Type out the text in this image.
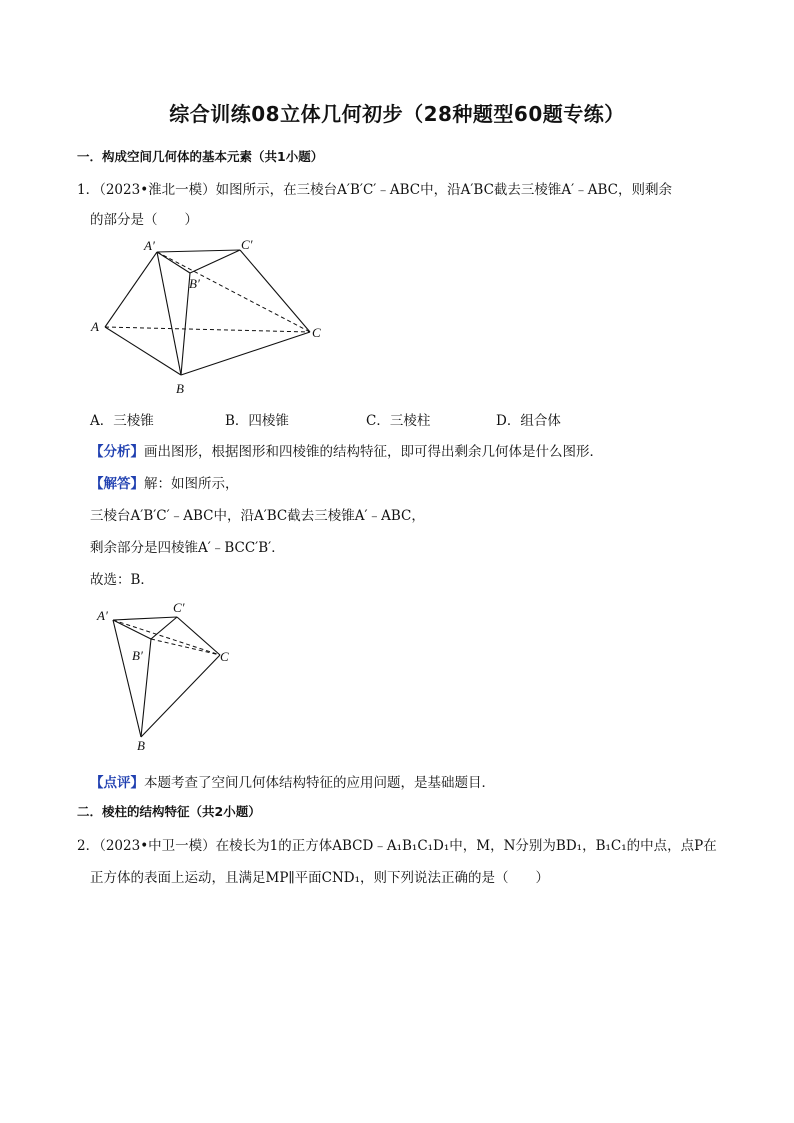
综合训练08立体几何初步（28种题型60题专练）
一．构成空间几何体的基本元素（共1小题）
1．（2023•淮北一模）如图所示，在三棱台A′B′C′﹣ABC中，沿A′BC截去三棱锥A′﹣ABC，则剩余
的部分是（　　）
A′	C′
B′
A
B
C
A．三棱锥	B．四棱锥	C．三棱柱	D．组合体
【分析】画出图形，根据图形和四棱锥的结构特征，即可得出剩余几何体是什么图形．
【解答】解：如图所示，
三棱台A′B′C′﹣ABC中，沿A′BC截去三棱锥A′﹣ABC，
剩余部分是四棱锥A′﹣BCC′B′．
故选：B．
A′
C′
B′	C
B
【点评】本题考查了空间几何体结构特征的应用问题，是基础题目．
二．棱柱的结构特征（共2小题）
2．（2023•中卫一模）在棱长为1的正方体ABCD﹣A₁B₁C₁D₁中，M，N分别为BD₁，B₁C₁的中点，点P在
正方体的表面上运动，且满足MP∥平面CND₁，则下列说法正确的是（　　）
